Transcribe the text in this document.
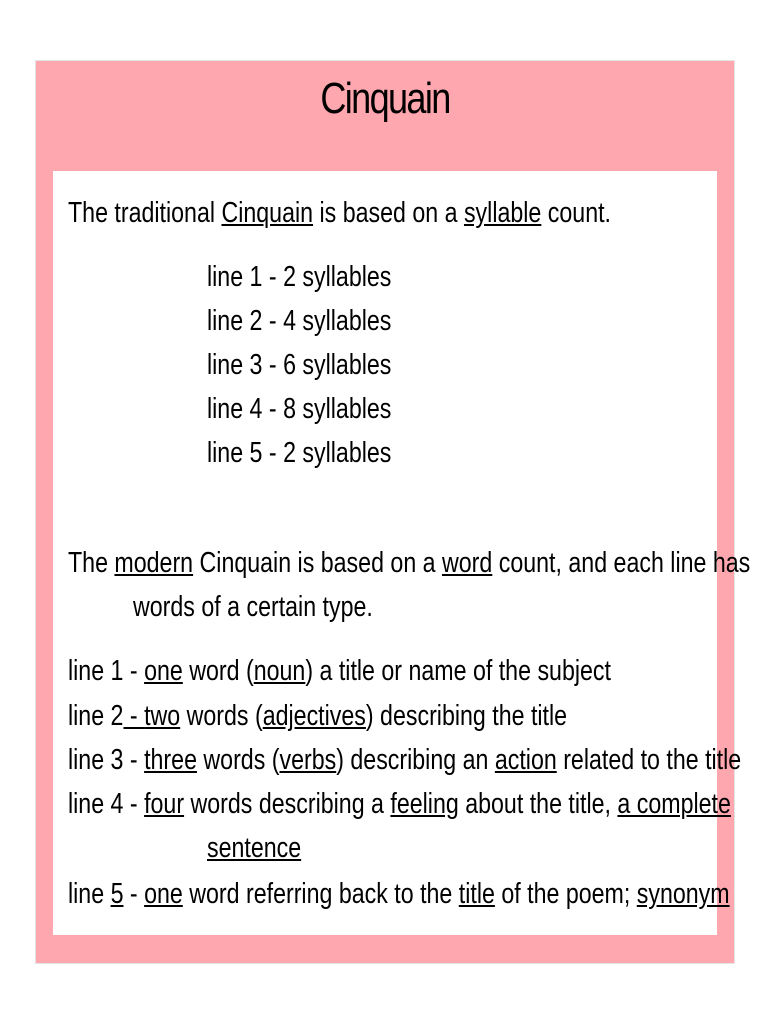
Cinquain
The traditional Cinquain is based on a syllable count.
line 1 - 2 syllables
line 2 - 4 syllables
line 3 - 6 syllables
line 4 - 8 syllables
line 5 - 2 syllables
The modern Cinquain is based on a word count, and each line has
words of a certain type.
line 1 - one word (noun) a title or name of the subject
line 2 - two words (adjectives) describing the title
line 3 - three words (verbs) describing an action related to the title
line 4 - four words describing a feeling about the title, a complete
sentence
line 5 - one word referring back to the title of the poem; synonym
